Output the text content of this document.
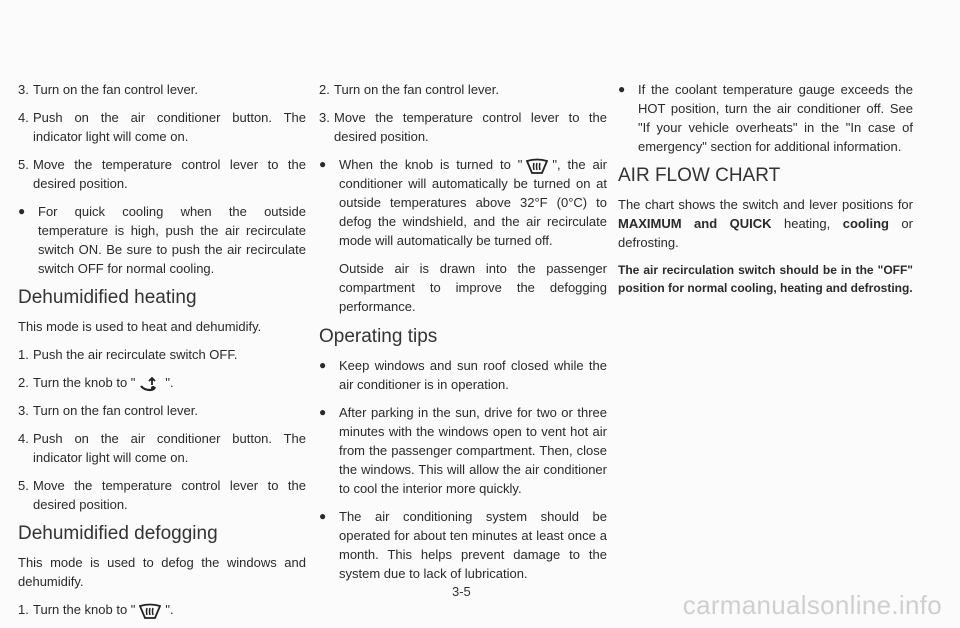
3. Turn on the fan control lever.

4. Push on the air conditioner button. The indicator light will come on.

5. Move the temperature control lever to the desired position.

● For quick cooling when the outside temperature is high, push the air recirculate switch ON. Be sure to push the air recirculate switch OFF for normal cooling.

Dehumidified heating

This mode is used to heat and dehumidify.

1. Push the air recirculate switch OFF.

2. Turn the knob to " ".

3. Turn on the fan control lever.

4. Push on the air conditioner button. The indicator light will come on.

5. Move the temperature control lever to the desired position.

Dehumidified defogging

This mode is used to defog the windows and dehumidify.

1. Turn the knob to " ".

2. Turn on the fan control lever.

3. Move the temperature control lever to the desired position.

● When the knob is turned to " ", the air conditioner will automatically be turned on at outside temperatures above 32°F (0°C) to defog the windshield, and the air recirculate mode will automatically be turned off.

Outside air is drawn into the passenger compartment to improve the defogging performance.

Operating tips

● Keep windows and sun roof closed while the air conditioner is in operation.

● After parking in the sun, drive for two or three minutes with the windows open to vent hot air from the passenger compartment. Then, close the windows. This will allow the air conditioner to cool the interior more quickly.

● The air conditioning system should be operated for about ten minutes at least once a month. This helps prevent damage to the system due to lack of lubrication.

● If the coolant temperature gauge exceeds the HOT position, turn the air conditioner off. See "If your vehicle overheats" in the "In case of emergency" section for additional information.

AIR FLOW CHART

The chart shows the switch and lever positions for MAXIMUM and QUICK heating, cooling or defrosting.

The air recirculation switch should be in the "OFF" position for normal cooling, heating and defrosting.

3-5	carmanualsonline.info
